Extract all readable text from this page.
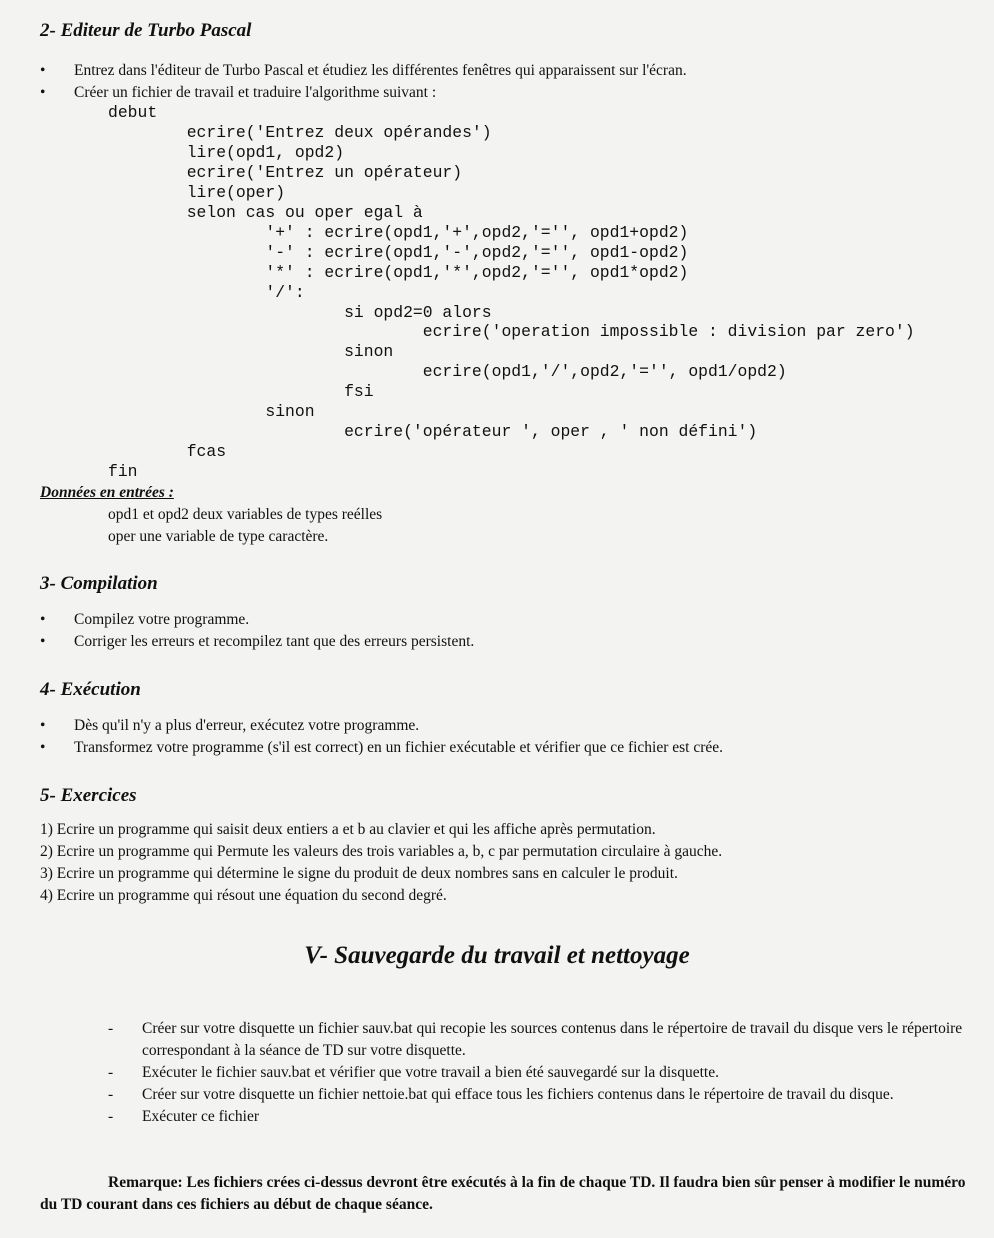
2- Editeur de Turbo Pascal
• Entrez dans l'éditeur de Turbo Pascal et étudiez les différentes fenêtres qui apparaissent sur l'écran.
• Créer un fichier de travail et traduire l'algorithme suivant :
debut
ecrire('Entrez deux opérandes')
lire(opd1, opd2)
ecrire('Entrez un opérateur)
lire(oper)
selon cas ou oper egal à
'+' : ecrire(opd1,'+',opd2,'='', opd1+opd2)
'-' : ecrire(opd1,'-',opd2,'='', opd1-opd2)
'*' : ecrire(opd1,'*',opd2,'='', opd1*opd2)
'/':
si opd2=0 alors
ecrire('operation impossible : division par zero')
sinon
ecrire(opd1,'/',opd2,'='', opd1/opd2)
fsi
sinon
ecrire('opérateur ', oper , ' non défini')
fcas
fin
Données en entrées :

opd1 et opd2 deux variables de types reélles

oper une variable de type caractère.

3- Compilation
• Compilez votre programme.
• Corriger les erreurs et recompilez tant que des erreurs persistent.
4- Exécution
• Dès qu'il n'y a plus d'erreur, exécutez votre programme.
• Transformez votre programme (s'il est correct) en un fichier exécutable et vérifier que ce fichier est crée.
5- Exercices
1) Ecrire un programme qui saisit deux entiers a et b au clavier et qui les affiche après permutation.
2) Ecrire un programme qui Permute les valeurs des trois variables a, b, c par permutation circulaire à gauche.
3) Ecrire un programme qui détermine le signe du produit de deux nombres sans en calculer le produit.
4) Ecrire un programme qui résout une équation du second degré.
V- Sauvegarde du travail et nettoyage
- Créer sur votre disquette un fichier sauv.bat qui recopie les sources contenus dans le répertoire de travail du disque vers le répertoire correspondant à la séance de TD sur votre disquette.
- Exécuter le fichier sauv.bat et vérifier que votre travail a bien été sauvegardé sur la disquette.
- Créer sur votre disquette un fichier nettoie.bat qui efface tous les fichiers contenus dans le répertoire de travail du disque.
- Exécuter ce fichier
Remarque: Les fichiers crées ci-dessus devront être exécutés à la fin de chaque TD. Il faudra bien sûr penser à modifier le numéro du TD courant dans ces fichiers au début de chaque séance.
